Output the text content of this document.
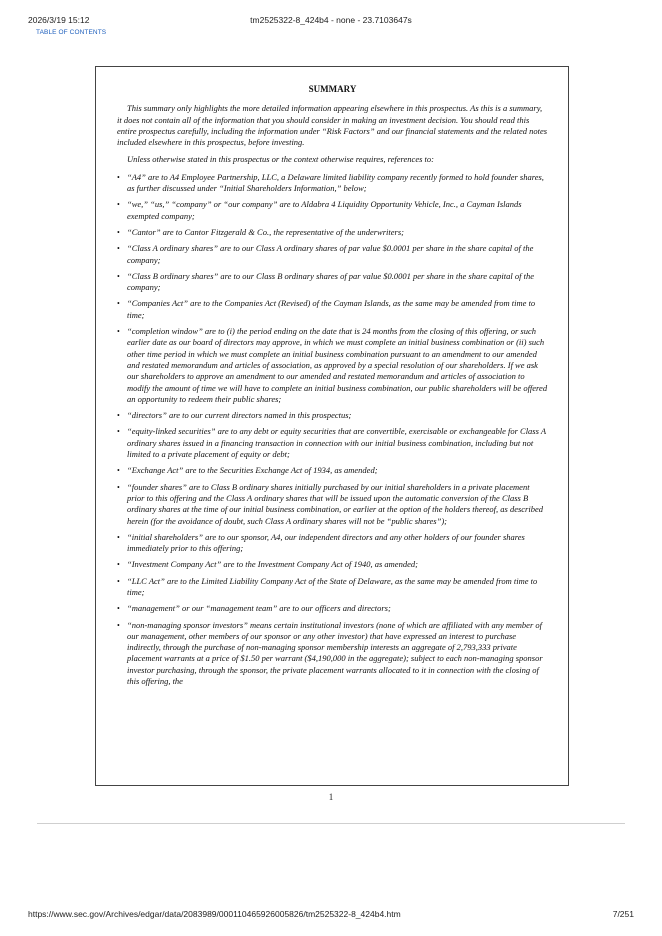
2026/3/19 15:12	tm2525322-8_424b4 - none - 23.7103647s
TABLE OF CONTENTS
SUMMARY

This summary only highlights the more detailed information appearing elsewhere in this prospectus. As this is a summary, it does not contain all of the information that you should consider in making an investment decision. You should read this entire prospectus carefully, including the information under “Risk Factors” and our financial statements and the related notes included elsewhere in this prospectus, before investing.

Unless otherwise stated in this prospectus or the context otherwise requires, references to:

• “A4” are to A4 Employee Partnership, LLC, a Delaware limited liability company recently formed to hold founder shares, as further discussed under “Initial Shareholders Information,” below;
• “we,” “us,” “company” or “our company” are to Aldabra 4 Liquidity Opportunity Vehicle, Inc., a Cayman Islands exempted company;
• “Cantor” are to Cantor Fitzgerald & Co., the representative of the underwriters;
• “Class A ordinary shares” are to our Class A ordinary shares of par value $0.0001 per share in the share capital of the company;
• “Class B ordinary shares” are to our Class B ordinary shares of par value $0.0001 per share in the share capital of the company;
• “Companies Act” are to the Companies Act (Revised) of the Cayman Islands, as the same may be amended from time to time;
• “completion window” are to (i) the period ending on the date that is 24 months from the closing of this offering, or such earlier date as our board of directors may approve, in which we must complete an initial business combination or (ii) such other time period in which we must complete an initial business combination pursuant to an amendment to our amended and restated memorandum and articles of association, as approved by a special resolution of our shareholders. If we ask our shareholders to approve an amendment to our amended and restated memorandum and articles of association to modify the amount of time we will have to complete an initial business combination, our public shareholders will be offered an opportunity to redeem their public shares;
• “directors” are to our current directors named in this prospectus;
• “equity-linked securities” are to any debt or equity securities that are convertible, exercisable or exchangeable for Class A ordinary shares issued in a financing transaction in connection with our initial business combination, including but not limited to a private placement of equity or debt;
• “Exchange Act” are to the Securities Exchange Act of 1934, as amended;
• “founder shares” are to Class B ordinary shares initially purchased by our initial shareholders in a private placement prior to this offering and the Class A ordinary shares that will be issued upon the automatic conversion of the Class B ordinary shares at the time of our initial business combination, or earlier at the option of the holders thereof, as described herein (for the avoidance of doubt, such Class A ordinary shares will not be “public shares”);
• “initial shareholders” are to our sponsor, A4, our independent directors and any other holders of our founder shares immediately prior to this offering;
• “Investment Company Act” are to the Investment Company Act of 1940, as amended;
• “LLC Act” are to the Limited Liability Company Act of the State of Delaware, as the same may be amended from time to time;
• “management” or our “management team” are to our officers and directors;
• “non-managing sponsor investors” means certain institutional investors (none of which are affiliated with any member of our management, other members of our sponsor or any other investor) that have expressed an interest to purchase indirectly, through the purchase of non-managing sponsor membership interests an aggregate of 2,793,333 private placement warrants at a price of $1.50 per warrant ($4,190,000 in the aggregate); subject to each non-managing sponsor investor purchasing, through the sponsor, the private placement warrants allocated to it in connection with the closing of this offering, the
1
https://www.sec.gov/Archives/edgar/data/2083989/000110465926005826/tm2525322-8_424b4.htm	7/251
